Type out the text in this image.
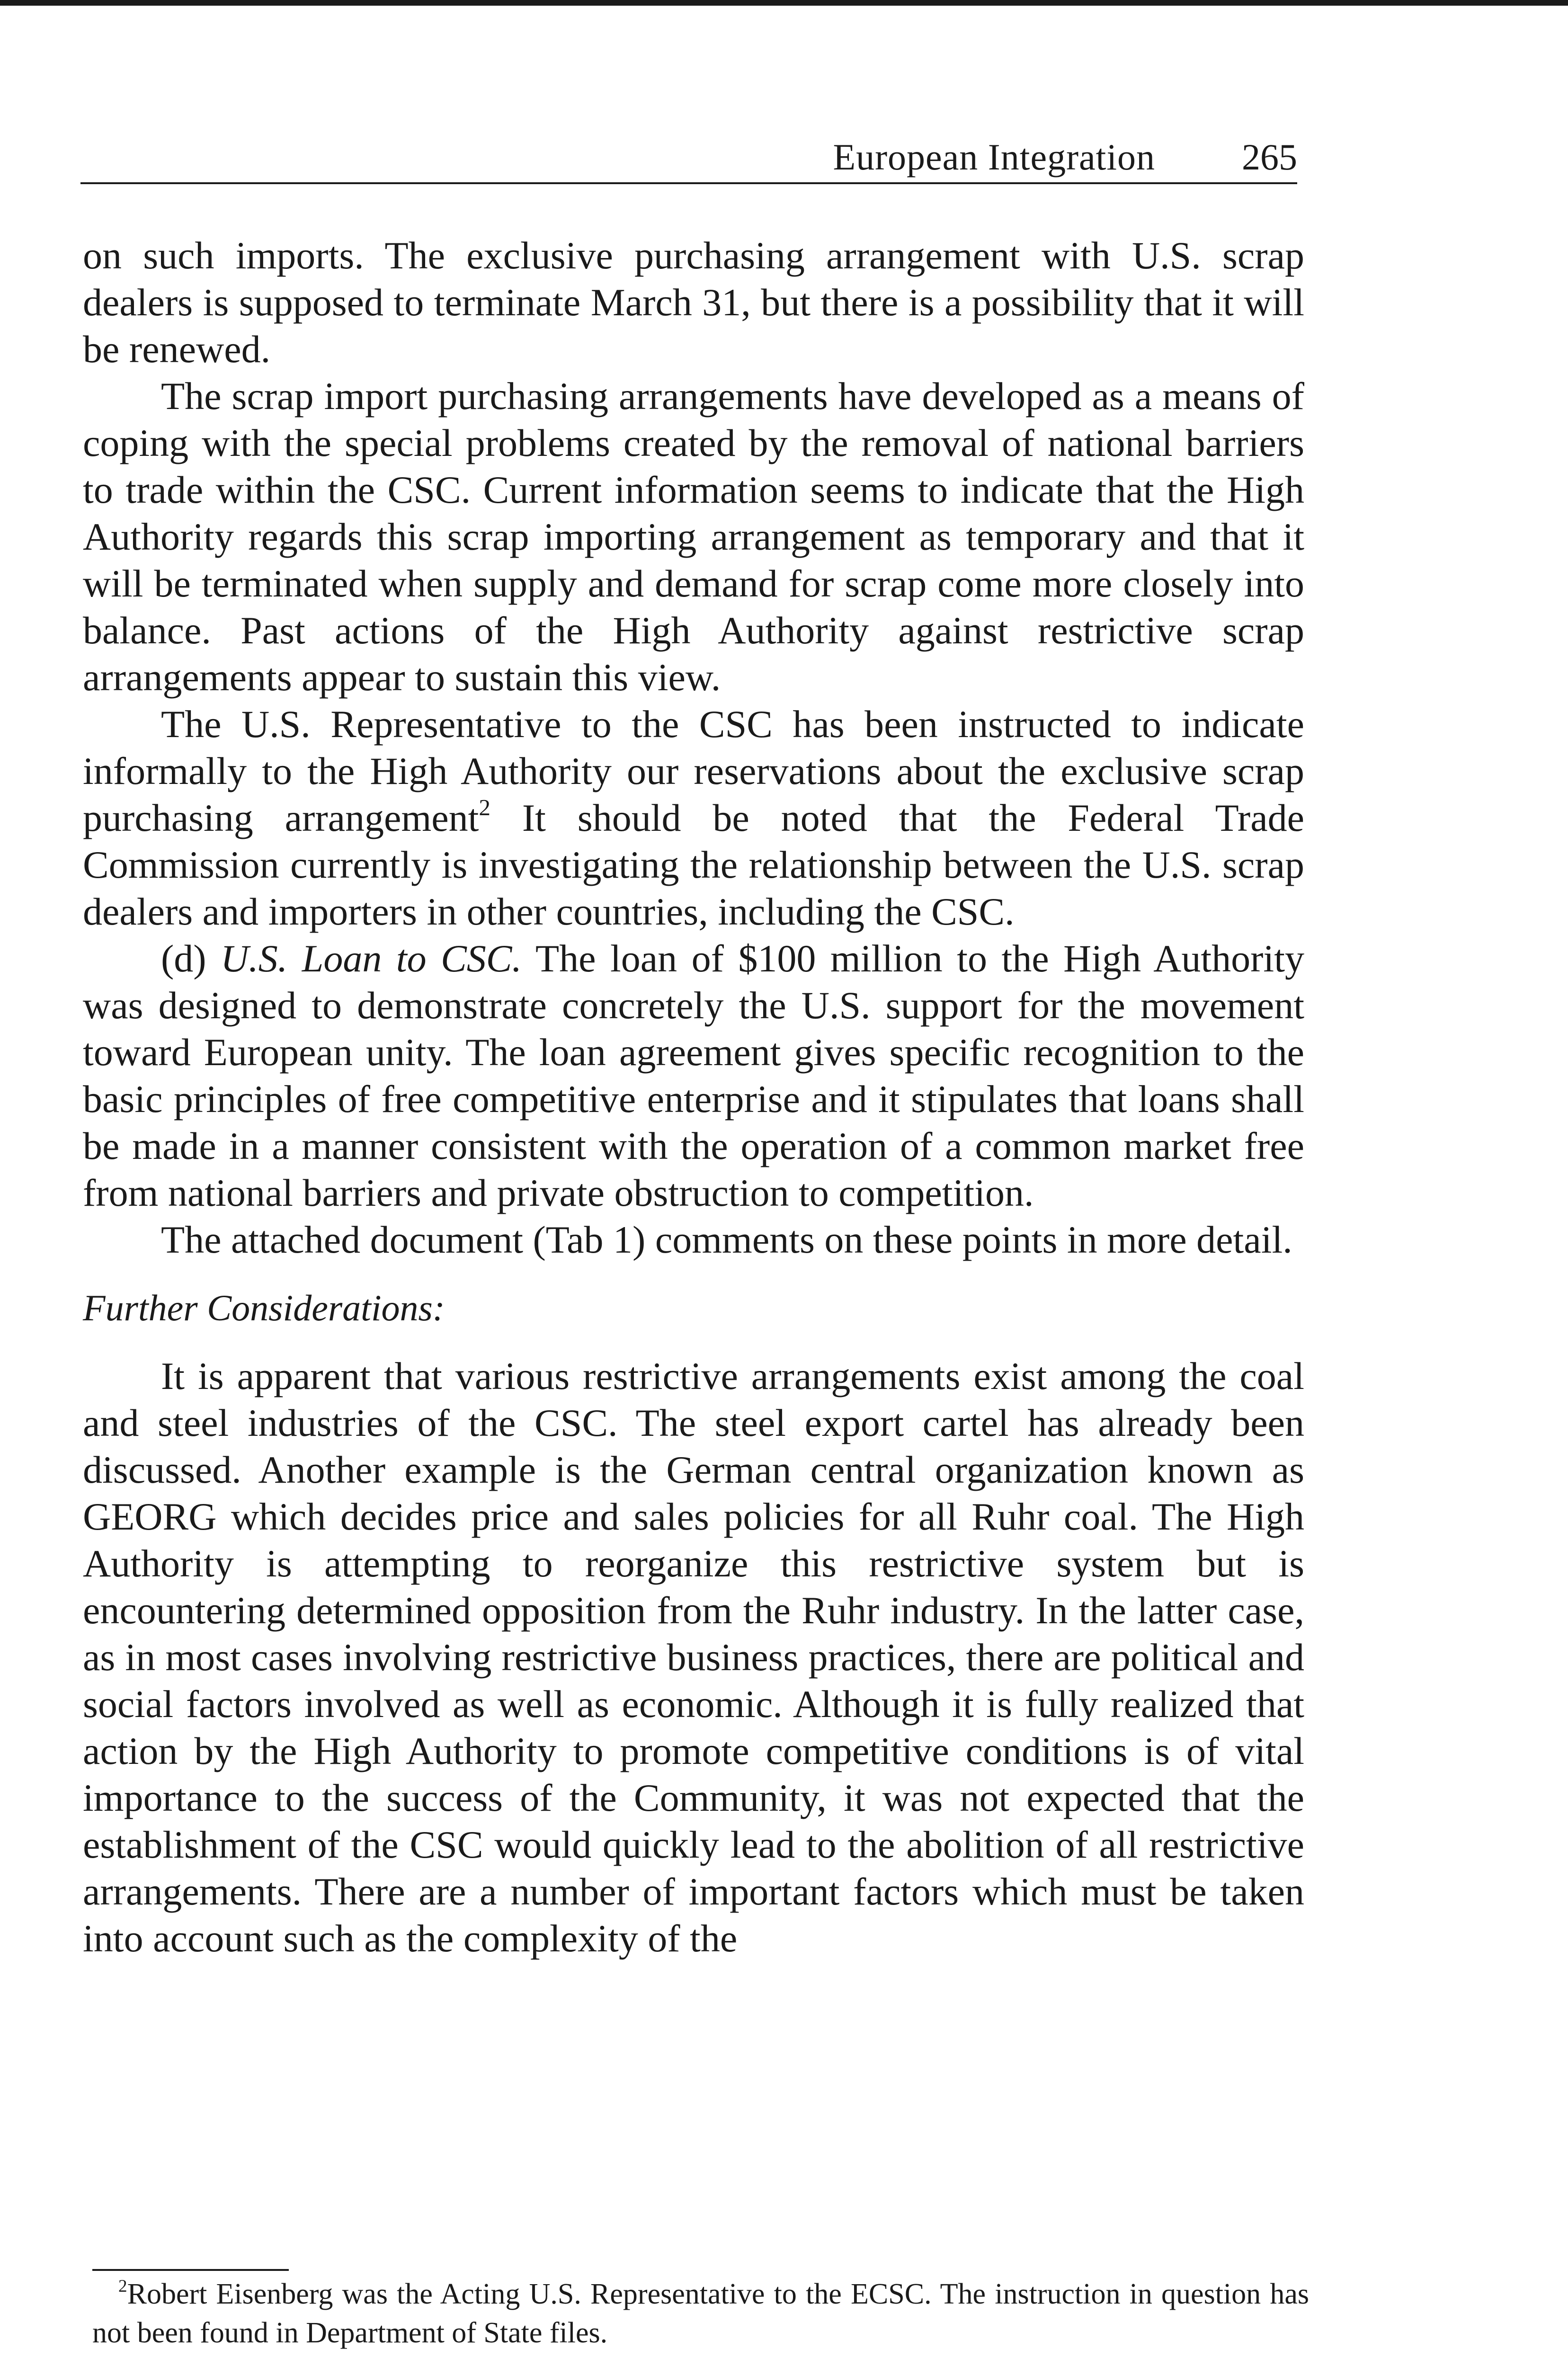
European Integration 265

on such imports. The exclusive purchasing arrangement with U.S. scrap dealers is supposed to terminate March 31, but there is a possibility that it will be renewed.

The scrap import purchasing arrangements have developed as a means of coping with the special problems created by the removal of national barriers to trade within the CSC. Current information seems to indicate that the High Authority regards this scrap importing arrangement as temporary and that it will be terminated when supply and demand for scrap come more closely into balance. Past actions of the High Authority against restrictive scrap arrangements appear to sustain this view.

The U.S. Representative to the CSC has been instructed to indicate informally to the High Authority our reservations about the exclusive scrap purchasing arrangement$^2$ It should be noted that the Federal Trade Commission currently is investigating the relationship between the U.S. scrap dealers and importers in other countries, including the CSC.

(d) U.S. Loan to CSC. The loan of $100 million to the High Authority was designed to demonstrate concretely the U.S. support for the movement toward European unity. The loan agreement gives specific recognition to the basic principles of free competitive enterprise and it stipulates that loans shall be made in a manner consistent with the operation of a common market free from national barriers and private obstruction to competition.

The attached document (Tab 1) comments on these points in more detail.

Further Considerations:

It is apparent that various restrictive arrangements exist among the coal and steel industries of the CSC. The steel export cartel has already been discussed. Another example is the German central organization known as GEORG which decides price and sales policies for all Ruhr coal. The High Authority is attempting to reorganize this restrictive system but is encountering determined opposition from the Ruhr industry. In the latter case, as in most cases involving restrictive business practices, there are political and social factors involved as well as economic. Although it is fully realized that action by the High Authority to promote competitive conditions is of vital importance to the success of the Community, it was not expected that the establishment of the CSC would quickly lead to the abolition of all restrictive arrangements. There are a number of important factors which must be taken into account such as the complexity of the

$^2$Robert Eisenberg was the Acting U.S. Representative to the ECSC. The instruction in question has not been found in Department of State files.
